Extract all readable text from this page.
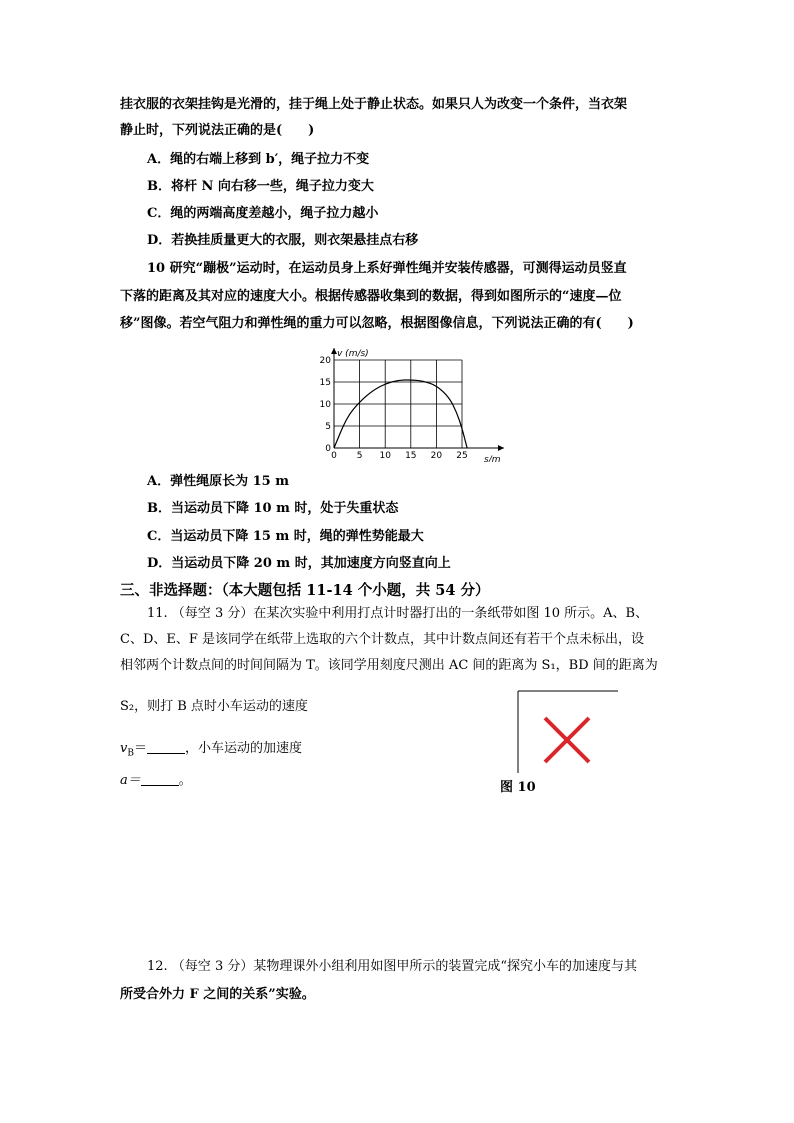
挂衣服的衣架挂钩是光滑的，挂于绳上处于静止状态。如果只人为改变一个条件，当衣架
静止时，下列说法正确的是(　　)
A．绳的右端上移到 b′，绳子拉力不变
B．将杆 N 向右移一些，绳子拉力变大
C．绳的两端高度差越小，绳子拉力越小
D．若换挂质量更大的衣服，则衣架悬挂点右移
10 研究“蹦极”运动时，在运动员身上系好弹性绳并安装传感器，可测得运动员竖直
下落的距离及其对应的速度大小。根据传感器收集到的数据，得到如图所示的“速度—位
移”图像。若空气阻力和弹性绳的重力可以忽略，根据图像信息，下列说法正确的有(　　)
0 5 10 15 20 25
0
5
10
15
20
v (m/s)
s/m
A．弹性绳原长为 15 m
B．当运动员下降 10 m 时，处于失重状态
C．当运动员下降 15 m 时，绳的弹性势能最大
D．当运动员下降 20 m 时，其加速度方向竖直向上
三、非选择题：（本大题包括 11-14 个小题，共 54 分）
11. （每空 3 分）在某次实验中利用打点计时器打出的一条纸带如图 10 所示。A、B、
C、D、E、F 是该同学在纸带上选取的六个计数点，其中计数点间还有若干个点未标出，设
相邻两个计数点间的时间间隔为 T。该同学用刻度尺测出 AC 间的距离为 S₁，BD 间的距离为
S₂，则打 B 点时小车运动的速度
$v_B=$	，小车运动的加速度
a＝	。	图 10
12. （每空 3 分）某物理课外小组利用如图甲所示的装置完成“探究小车的加速度与其
所受合外力 F 之间的关系”实验。
